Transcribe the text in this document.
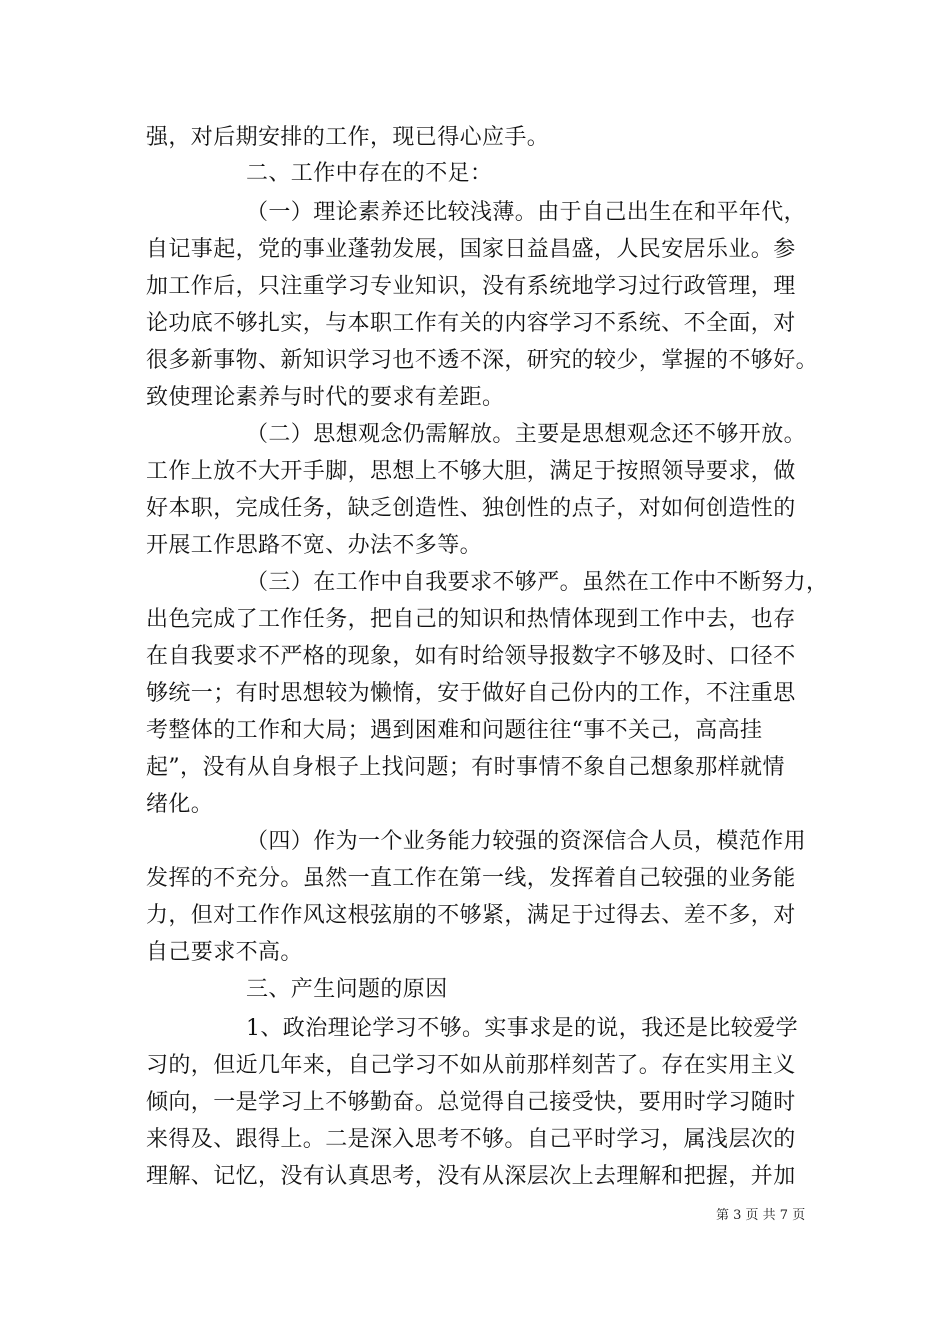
强，对后期安排的工作，现已得心应手。
二、工作中存在的不足：
（一）理论素养还比较浅薄。由于自己出生在和平年代，
自记事起，党的事业蓬勃发展，国家日益昌盛，人民安居乐业。参
加工作后，只注重学习专业知识，没有系统地学习过行政管理，理
论功底不够扎实，与本职工作有关的内容学习不系统、不全面，对
很多新事物、新知识学习也不透不深，研究的较少，掌握的不够好。
致使理论素养与时代的要求有差距。
（二）思想观念仍需解放。主要是思想观念还不够开放。
工作上放不大开手脚，思想上不够大胆，满足于按照领导要求，做
好本职，完成任务，缺乏创造性、独创性的点子，对如何创造性的
开展工作思路不宽、办法不多等。
（三）在工作中自我要求不够严。虽然在工作中不断努力，
出色完成了工作任务，把自己的知识和热情体现到工作中去，也存
在自我要求不严格的现象，如有时给领导报数字不够及时、口径不
够统一；有时思想较为懒惰，安于做好自己份内的工作，不注重思
考整体的工作和大局；遇到困难和问题往往“事不关己，高高挂
起”，没有从自身根子上找问题；有时事情不象自己想象那样就情
绪化。
（四）作为一个业务能力较强的资深信合人员，模范作用
发挥的不充分。虽然一直工作在第一线，发挥着自己较强的业务能
力，但对工作作风这根弦崩的不够紧，满足于过得去、差不多，对
自己要求不高。
三、产生问题的原因
1、政治理论学习不够。实事求是的说，我还是比较爱学
习的，但近几年来，自己学习不如从前那样刻苦了。存在实用主义
倾向，一是学习上不够勤奋。总觉得自己接受快，要用时学习随时
来得及、跟得上。二是深入思考不够。自己平时学习，属浅层次的
理解、记忆，没有认真思考，没有从深层次上去理解和把握，并加
第 3 页 共 7 页
